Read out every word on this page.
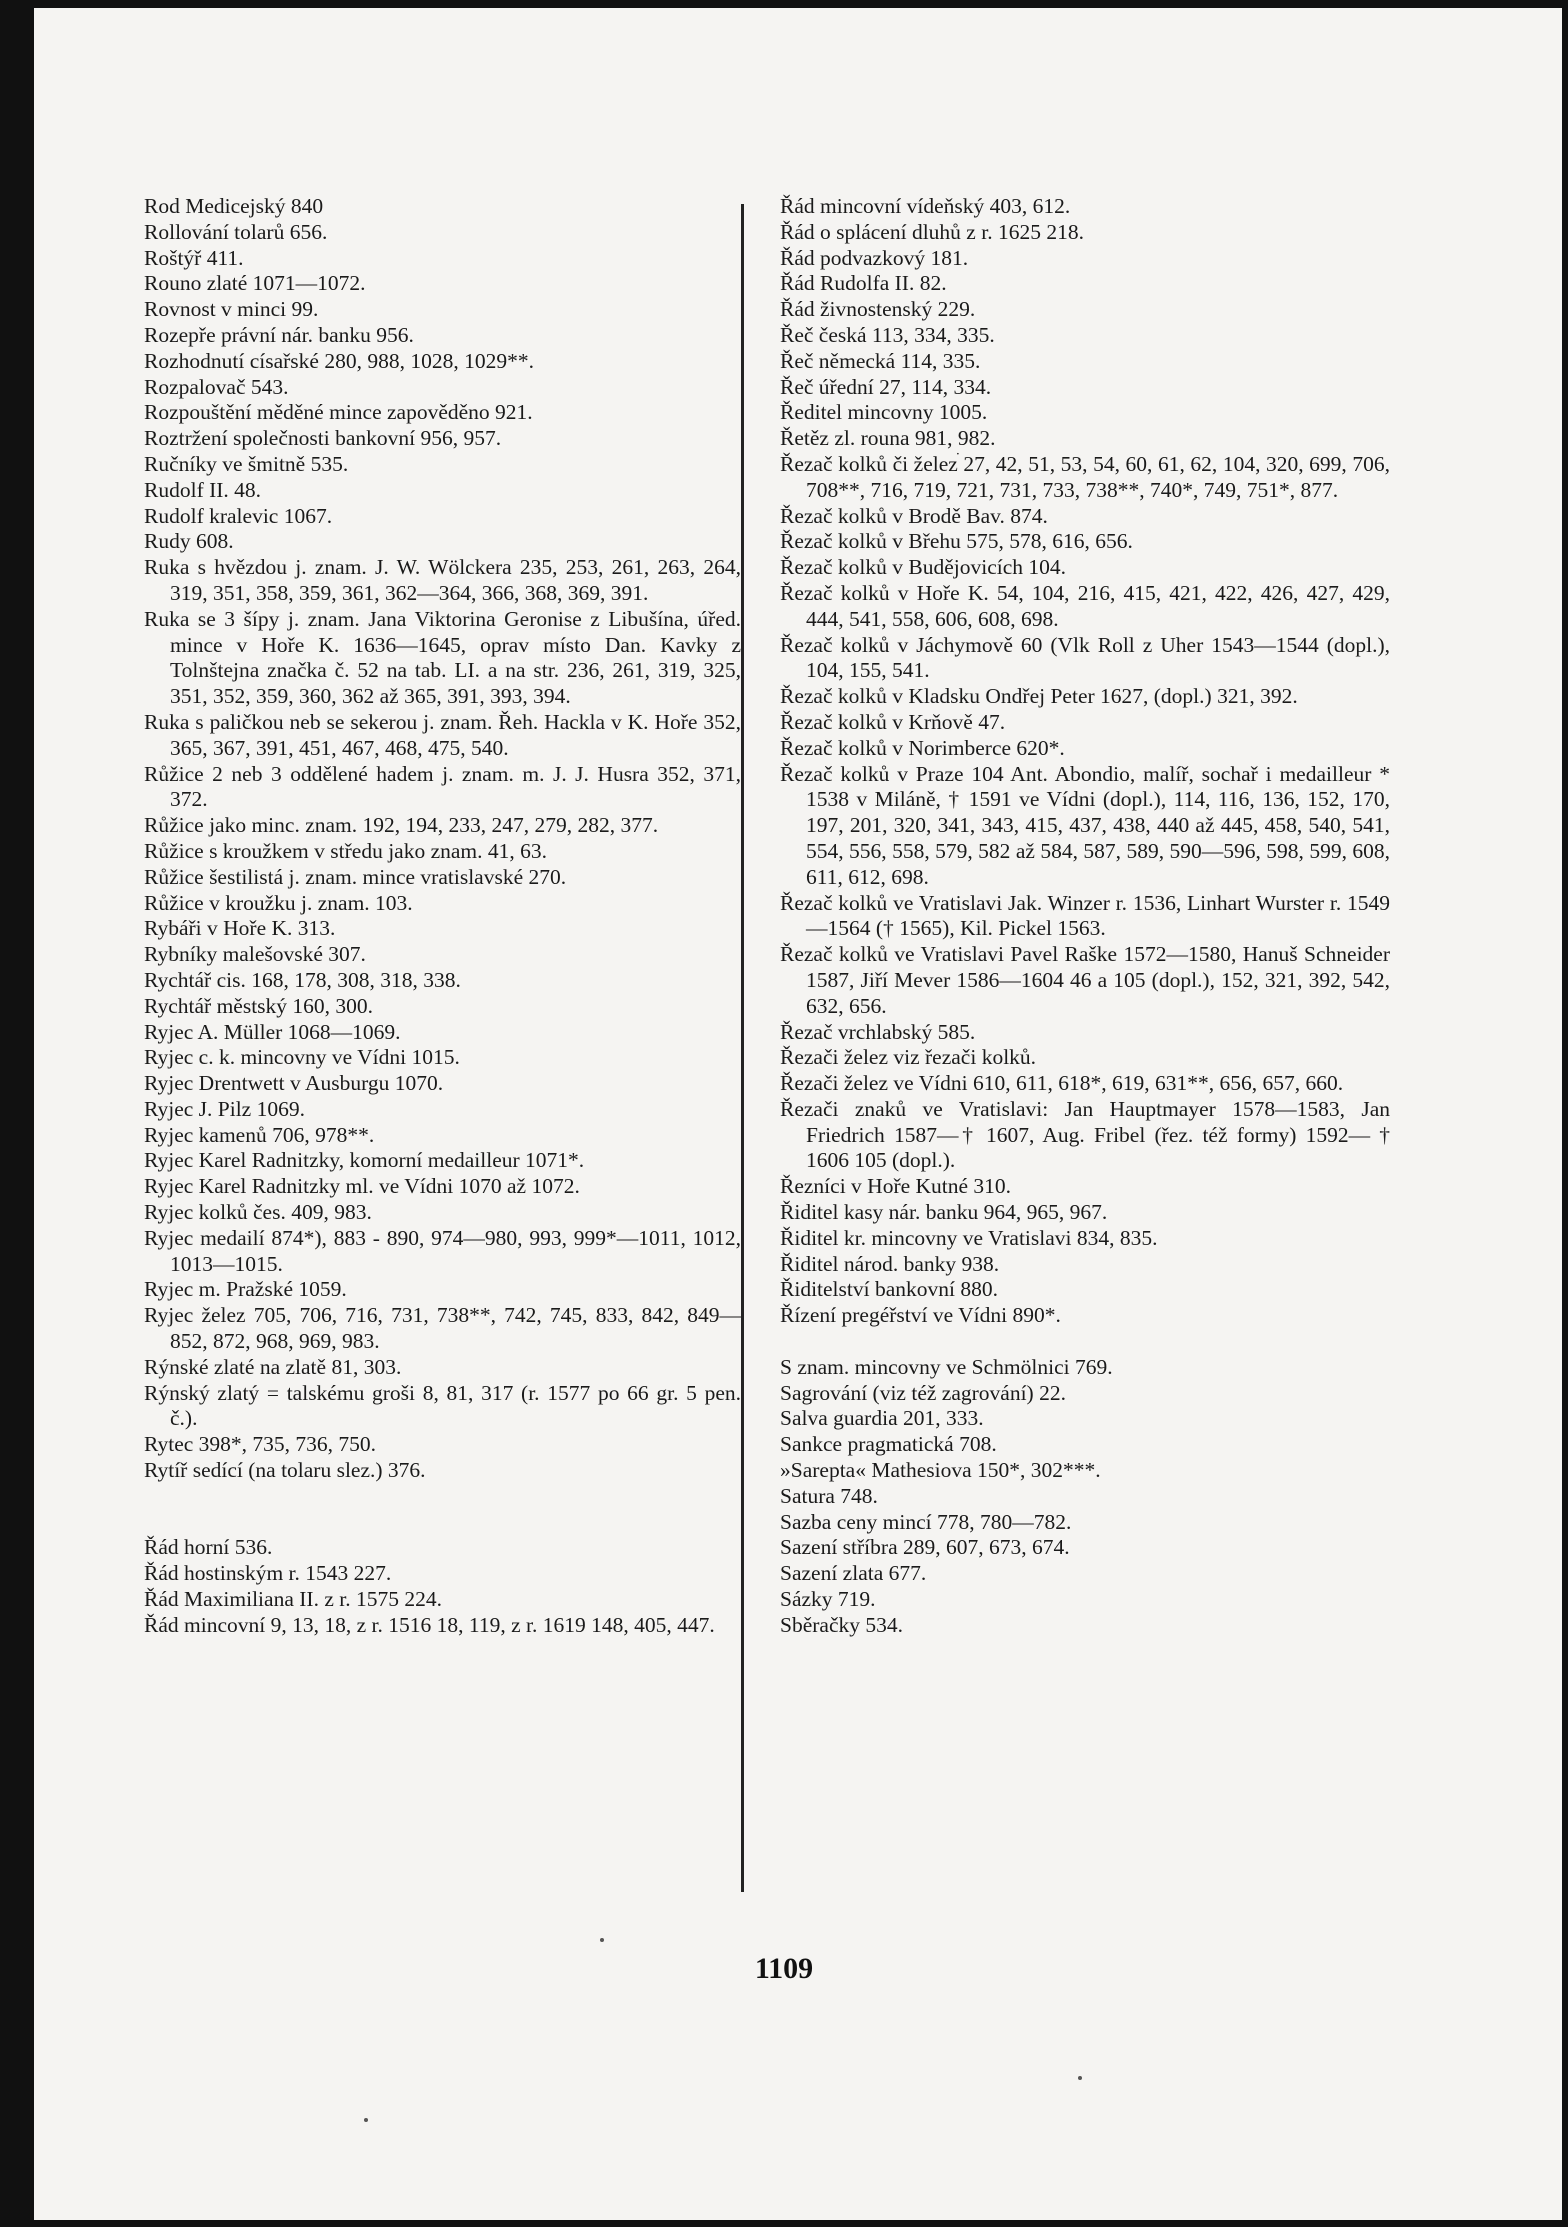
Rod Medicejský 840
Rollování tolarů 656.
Roštýř 411.
Rouno zlaté 1071—1072.
Rovnost v minci 99.
Rozepře právní nár. banku 956.
Rozhodnutí císařské 280, 988, 1028, 1029**.
Rozpalovač 543.
Rozpouštění měděné mince zapověděno 921.
Roztržení společnosti bankovní 956, 957.
Ručníky ve šmitně 535.
Rudolf II. 48.
Rudolf kralevic 1067.
Rudy 608.
Ruka s hvězdou j. znam. J. W. Wölckera 235, 253, 261, 263, 264, 319, 351, 358, 359, 361, 362—364, 366, 368, 369, 391.
Ruka se 3 šípy j. znam. Jana Viktorina Geronise z Libušína, úřed. mince v Hoře K. 1636—1645, oprav místo Dan. Kavky z Tolnštejna značka č. 52 na tab. LI. a na str. 236, 261, 319, 325, 351, 352, 359, 360, 362 až 365, 391, 393, 394.
Ruka s paličkou neb se sekerou j. znam. Řeh. Hackla v K. Hoře 352, 365, 367, 391, 451, 467, 468, 475, 540.
Růžice 2 neb 3 oddělené hadem j. znam. m. J. J. Husra 352, 371, 372.
Růžice jako minc. znam. 192, 194, 233, 247, 279, 282, 377.
Růžice s kroužkem v středu jako znam. 41, 63.
Růžice šestilistá j. znam. mince vratislavské 270.
Růžice v kroužku j. znam. 103.
Rybáři v Hoře K. 313.
Rybníky malešovské 307.
Rychtář cis. 168, 178, 308, 318, 338.
Rychtář městský 160, 300.
Ryjec A. Müller 1068—1069.
Ryjec c. k. mincovny ve Vídni 1015.
Ryjec Drentwett v Ausburgu 1070.
Ryjec J. Pilz 1069.
Ryjec kamenů 706, 978**.
Ryjec Karel Radnitzky, komorní medailleur 1071*.
Ryjec Karel Radnitzky ml. ve Vídni 1070 až 1072.
Ryjec kolků čes. 409, 983.
Ryjec medailí 874*), 883 - 890, 974—980, 993, 999*—1011, 1012, 1013—1015.
Ryjec m. Pražské 1059.
Ryjec želez 705, 706, 716, 731, 738**, 742, 745, 833, 842, 849—852, 872, 968, 969, 983.
Rýnské zlaté na zlatě 81, 303.
Rýnský zlatý = talskému groši 8, 81, 317 (r. 1577 po 66 gr. 5 pen. č.).
Rytec 398*, 735, 736, 750.
Rytíř sedící (na tolaru slez.) 376.
Řád horní 536.
Řád hostinským r. 1543 227.
Řád Maximiliana II. z r. 1575 224.
Řád mincovní 9, 13, 18, z r. 1516 18, 119, z r. 1619 148, 405, 447.
Řád mincovní vídeňský 403, 612.
Řád o splácení dluhů z r. 1625 218.
Řád podvazkový 181.
Řád Rudolfa II. 82.
Řád živnostenský 229.
Řeč česká 113, 334, 335.
Řeč německá 114, 335.
Řeč úřední 27, 114, 334.
Ředitel mincovny 1005.
Řetěz zl. rouna 981, 982.
Řezač kolků či železׄ 27, 42, 51, 53, 54, 60, 61, 62, 104, 320, 699, 706, 708**, 716, 719, 721, 731, 733, 738**, 740*, 749, 751*, 877.
Řezač kolků v Brodě Bav. 874.
Řezač kolků v Břehu 575, 578, 616, 656.
Řezač kolků v Budějovicích 104.
Řezač kolků v Hoře K. 54, 104, 216, 415, 421, 422, 426, 427, 429, 444, 541, 558, 606, 608, 698.
Řezač kolků v Jáchymově 60 (Vlk Roll z Uher 1543—1544 (dopl.), 104, 155, 541.
Řezač kolků v Kladsku Ondřej Peter 1627, (dopl.) 321, 392.
Řezač kolků v Krňově 47.
Řezač kolků v Norimberce 620*.
Řezač kolků v Praze 104 Ant. Abondio, malíř, sochař i medailleur * 1538 v Miláně, † 1591 ve Vídni (dopl.), 114, 116, 136, 152, 170, 197, 201, 320, 341, 343, 415, 437, 438, 440 až 445, 458, 540, 541, 554, 556, 558, 579, 582 až 584, 587, 589, 590—596, 598, 599, 608, 611, 612, 698.
Řezač kolků ve Vratislavi Jak. Winzer r. 1536, Linhart Wurster r. 1549—1564 († 1565), Kil. Pickel 1563.
Řezač kolků ve Vratislavi Pavel Raške 1572—1580, Hanuš Schneider 1587, Jiří Mever 1586—1604 46 a 105 (dopl.), 152, 321, 392, 542, 632, 656.
Řezač vrchlabský 585.
Řezači želez viz řezači kolků.
Řezači želez ve Vídni 610, 611, 618*, 619, 631**, 656, 657, 660.
Řezači znaků ve Vratislavi: Jan Hauptmayer 1578—1583, Jan Friedrich 1587—† 1607, Aug. Fribel (řez. též formy) 1592— † 1606 105 (dopl.).
Řezníci v Hoře Kutné 310.
Řiditel kasy nár. banku 964, 965, 967.
Řiditel kr. mincovny ve Vratislavi 834, 835.
Řiditel národ. banky 938.
Řiditelství bankovní 880.
Řízení pregéřství ve Vídni 890*.
S znam. mincovny ve Schmölnici 769.
Sagrování (viz též zagrování) 22.
Salva guardia 201, 333.
Sankce pragmatická 708.
»Sarepta« Mathesiova 150*, 302***.
Satura 748.
Sazba ceny mincí 778, 780—782.
Sazení stříbra 289, 607, 673, 674.
Sazení zlata 677.
Sázky 719.
Sběračky 534.
1109
